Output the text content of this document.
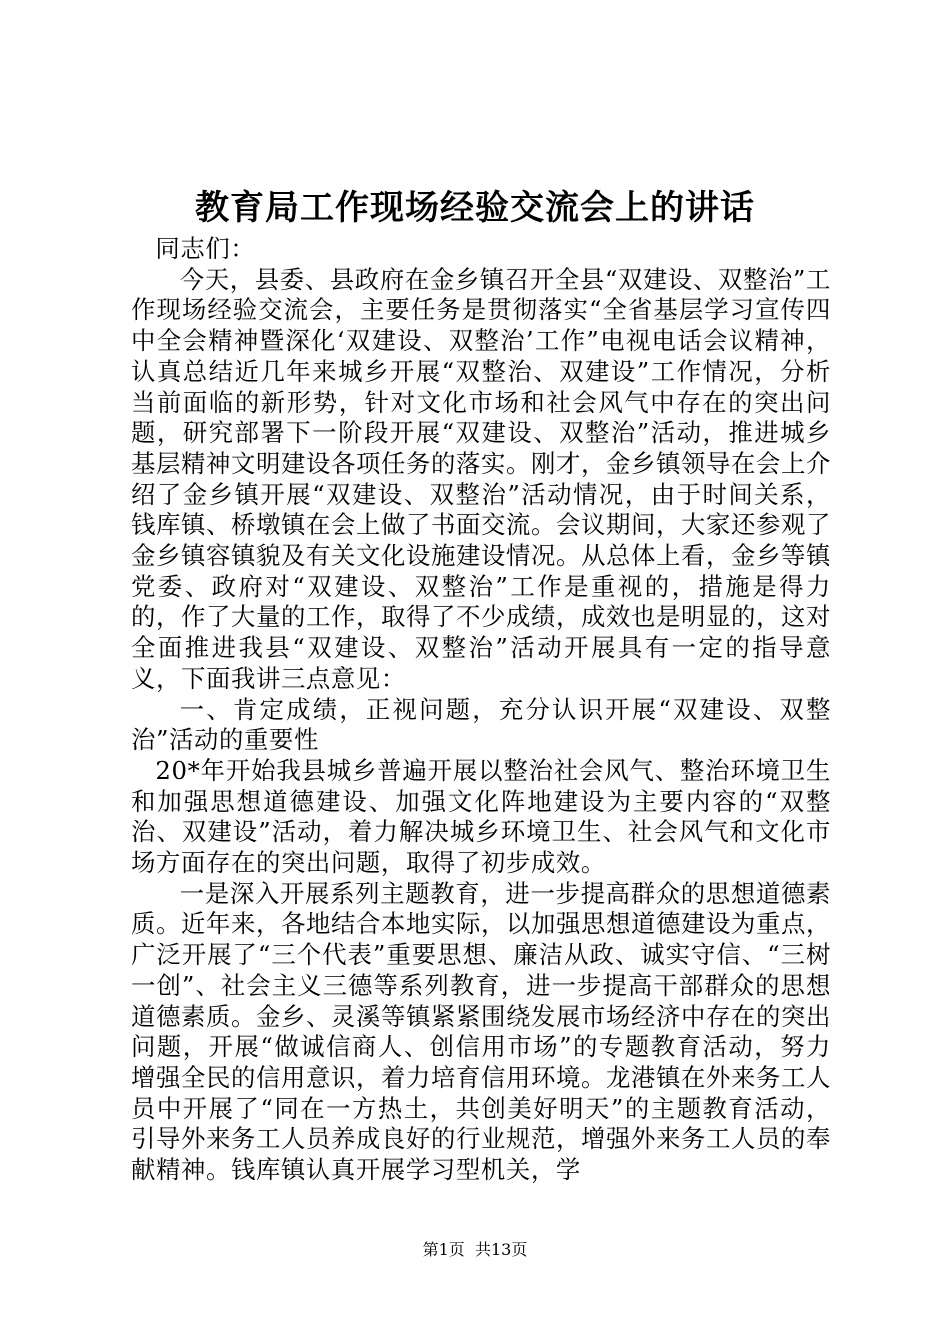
教育局工作现场经验交流会上的讲话

同志们：

今天，县委、县政府在金乡镇召开全县“双建设、双整治”工作现场经验交流会，主要任务是贯彻落实“全省基层学习宣传四中全会精神暨深化‘双建设、双整治’工作”电视电话会议精神，认真总结近几年来城乡开展“双整治、双建设”工作情况，分析当前面临的新形势，针对文化市场和社会风气中存在的突出问题，研究部署下一阶段开展“双建设、双整治”活动，推进城乡基层精神文明建设各项任务的落实。刚才，金乡镇领导在会上介绍了金乡镇开展“双建设、双整治”活动情况，由于时间关系，钱库镇、桥墩镇在会上做了书面交流。会议期间，大家还参观了金乡镇容镇貌及有关文化设施建设情况。从总体上看，金乡等镇党委、政府对“双建设、双整治”工作是重视的，措施是得力的，作了大量的工作，取得了不少成绩，成效也是明显的，这对全面推进我县“双建设、双整治”活动开展具有一定的指导意义，下面我讲三点意见：

一、肯定成绩，正视问题，充分认识开展“双建设、双整治”活动的重要性

20*年开始我县城乡普遍开展以整治社会风气、整治环境卫生和加强思想道德建设、加强文化阵地建设为主要内容的“双整治、双建设”活动，着力解决城乡环境卫生、社会风气和文化市场方面存在的突出问题，取得了初步成效。

一是深入开展系列主题教育，进一步提高群众的思想道德素质。近年来，各地结合本地实际，以加强思想道德建设为重点，广泛开展了“三个代表”重要思想、廉洁从政、诚实守信、“三树一创”、社会主义三德等系列教育，进一步提高干部群众的思想道德素质。金乡、灵溪等镇紧紧围绕发展市场经济中存在的突出问题，开展“做诚信商人、创信用市场”的专题教育活动，努力增强全民的信用意识，着力培育信用环境。龙港镇在外来务工人员中开展了“同在一方热土，共创美好明天”的主题教育活动，引导外来务工人员养成良好的行业规范，增强外来务工人员的奉献精神。钱库镇认真开展学习型机关，学

第1页 共13页
